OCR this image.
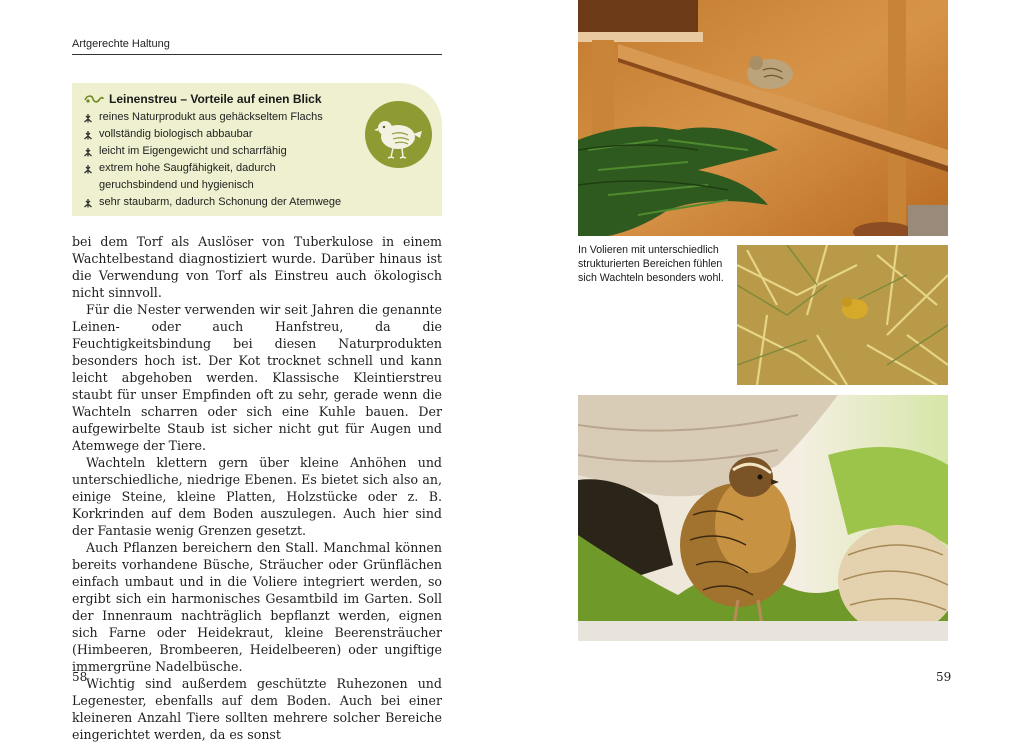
Artgerechte Haltung
Leinenstreu – Vorteile auf einen Blick
reines Naturprodukt aus gehäckseltem Flachs
vollständig biologisch abbaubar
leicht im Eigengewicht und scharrfähig
extrem hohe Saugfähigkeit, dadurch geruchsbindend und hygienisch
sehr staubarm, dadurch Schonung der Atemwege

bei dem Torf als Auslöser von Tuberkulose in einem Wachtelbestand diagnostiziert wurde. Darüber hinaus ist die Verwendung von Torf als Einstreu auch ökologisch nicht sinnvoll.

Für die Nester verwenden wir seit Jahren die genannte Leinen- oder auch Hanfstreu, da die Feuchtigkeitsbindung bei diesen Naturprodukten besonders hoch ist. Der Kot trocknet schnell und kann leicht abgehoben werden. Klassische Kleintierstreu staubt für unser Empfinden oft zu sehr, gerade wenn die Wachteln scharren oder sich eine Kuhle bauen. Der aufgewirbelte Staub ist sicher nicht gut für Augen und Atemwege der Tiere.

Wachteln klettern gern über kleine Anhöhen und unterschiedliche, niedrige Ebenen. Es bietet sich also an, einige Steine, kleine Platten, Holzstücke oder z. B. Korkrinden auf dem Boden auszulegen. Auch hier sind der Fantasie wenig Grenzen gesetzt.

Auch Pflanzen bereichern den Stall. Manchmal können bereits vorhandene Büsche, Sträucher oder Grünflächen einfach umbaut und in die Voliere integriert werden, so ergibt sich ein harmonisches Gesamtbild im Garten. Soll der Innenraum nachträglich bepflanzt werden, eignen sich Farne oder Heidekraut, kleine Beerensträucher (Himbeeren, Brombeeren, Heidelbeeren) oder ungiftige immergrüne Nadelbüsche.

Wichtig sind außerdem geschützte Ruhezonen und Legenester, ebenfalls auf dem Boden. Auch bei einer kleineren Anzahl Tiere sollten mehrere solcher Bereiche eingerichtet werden, da es sonst

58
In Volieren mit unterschiedlich strukturierten Bereichen fühlen sich Wachteln besonders wohl.
59
